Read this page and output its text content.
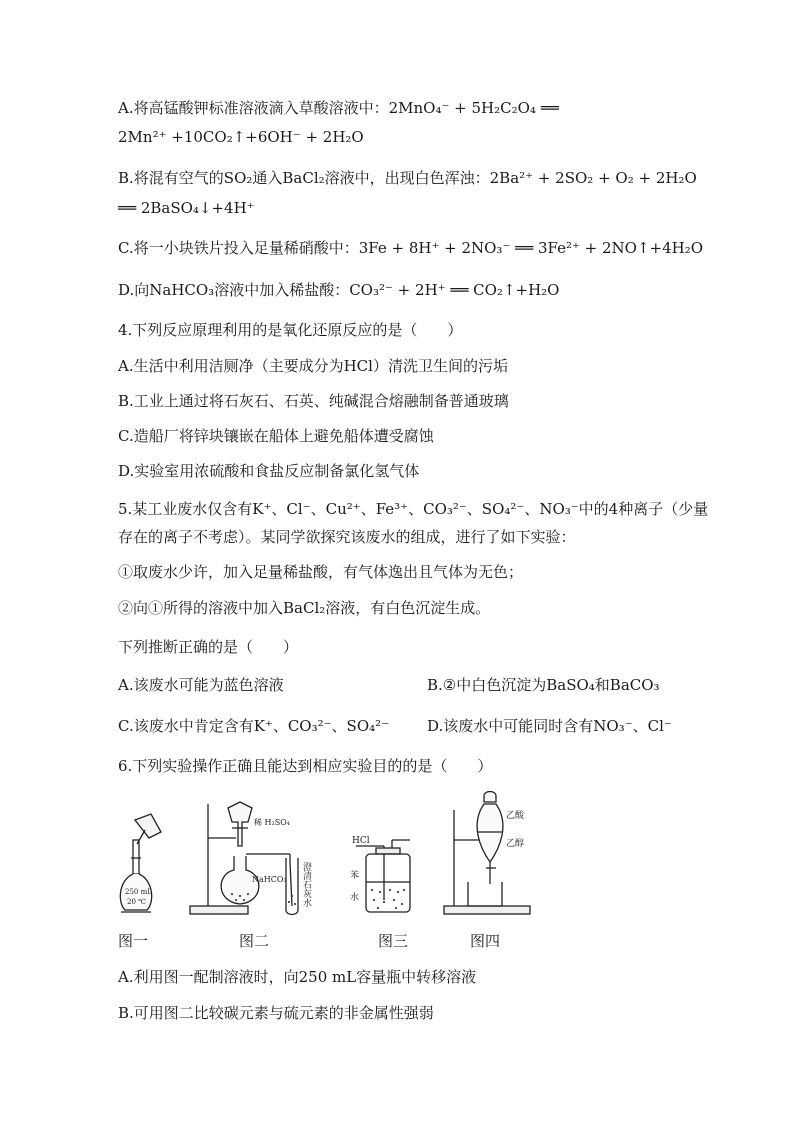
A.将高锰酸钾标准溶液滴入草酸溶液中：2MnO₄⁻ + 5H₂C₂O₄ ══
2Mn²⁺ +10CO₂↑+6OH⁻ + 2H₂O
B.将混有空气的SO₂通入BaCl₂溶液中，出现白色浑浊：2Ba²⁺ + 2SO₂ + O₂ + 2H₂O
══ 2BaSO₄↓+4H⁺
C.将一小块铁片投入足量稀硝酸中：3Fe + 8H⁺ + 2NO₃⁻ ══ 3Fe²⁺ + 2NO↑+4H₂O
D.向NaHCO₃溶液中加入稀盐酸：CO₃²⁻ + 2H⁺ ══ CO₂↑+H₂O
4.下列反应原理利用的是氧化还原反应的是（　　）
A.生活中利用洁厕净（主要成分为HCl）清洗卫生间的污垢
B.工业上通过将石灰石、石英、纯碱混合熔融制备普通玻璃
C.造船厂将锌块镶嵌在船体上避免船体遭受腐蚀
D.实验室用浓硫酸和食盐反应制备氯化氢气体
5.某工业废水仅含有K⁺、Cl⁻、Cu²⁺、Fe³⁺、CO₃²⁻、SO₄²⁻、NO₃⁻中的4种离子（少量
存在的离子不考虑）。某同学欲探究该废水的组成，进行了如下实验：
①取废水少许，加入足量稀盐酸，有气体逸出且气体为无色；
②向①所得的溶液中加入BaCl₂溶液，有白色沉淀生成。
下列推断正确的是（　　）
A.该废水可能为蓝色溶液	B.②中白色沉淀为BaSO₄和BaCO₃
C.该废水中肯定含有K⁺、CO₃²⁻、SO₄²⁻	D.该废水中可能同时含有NO₃⁻、Cl⁻
6.下列实验操作正确且能达到相应实验目的的是（　　）
250 mL
20 ℃
稀 H₂SO₄
NaHCO₃ 澄清石灰水
HCl
苯
水
乙酸
乙醇
图一	图二	图三	图四
A.利用图一配制溶液时，向250 mL容量瓶中转移溶液
B.可用图二比较碳元素与硫元素的非金属性强弱
